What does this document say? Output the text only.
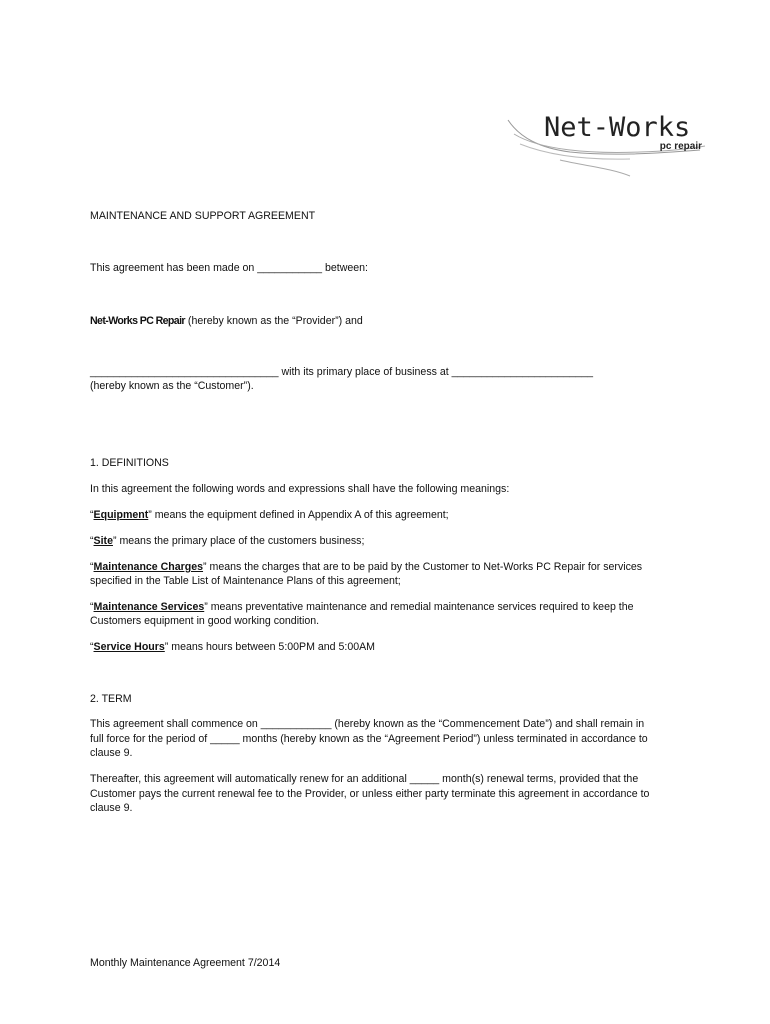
Net-Works
pc repair
MAINTENANCE AND SUPPORT AGREEMENT
This agreement has been made on ___________ between:
Net-Works PC Repair (hereby known as the “Provider”) and
________________________________ with its primary place of business at ________________________
(hereby known as the “Customer”).
1. DEFINITIONS
In this agreement the following words and expressions shall have the following meanings:
“Equipment” means the equipment defined in Appendix A of this agreement;
“Site” means the primary place of the customers business;
“Maintenance Charges” means the charges that are to be paid by the Customer to Net-Works PC Repair for services
specified in the Table List of Maintenance Plans of this agreement;
“Maintenance Services” means preventative maintenance and remedial maintenance services required to keep the
Customers equipment in good working condition.
“Service Hours” means hours between 5:00PM and 5:00AM
2. TERM
This agreement shall commence on ____________ (hereby known as the “Commencement Date”) and shall remain in
full force for the period of _____ months (hereby known as the “Agreement Period”) unless terminated in accordance to
clause 9.
Thereafter, this agreement will automatically renew for an additional _____ month(s) renewal terms, provided that the
Customer pays the current renewal fee to the Provider, or unless either party terminate this agreement in accordance to
clause 9.
Monthly Maintenance Agreement 7/2014
